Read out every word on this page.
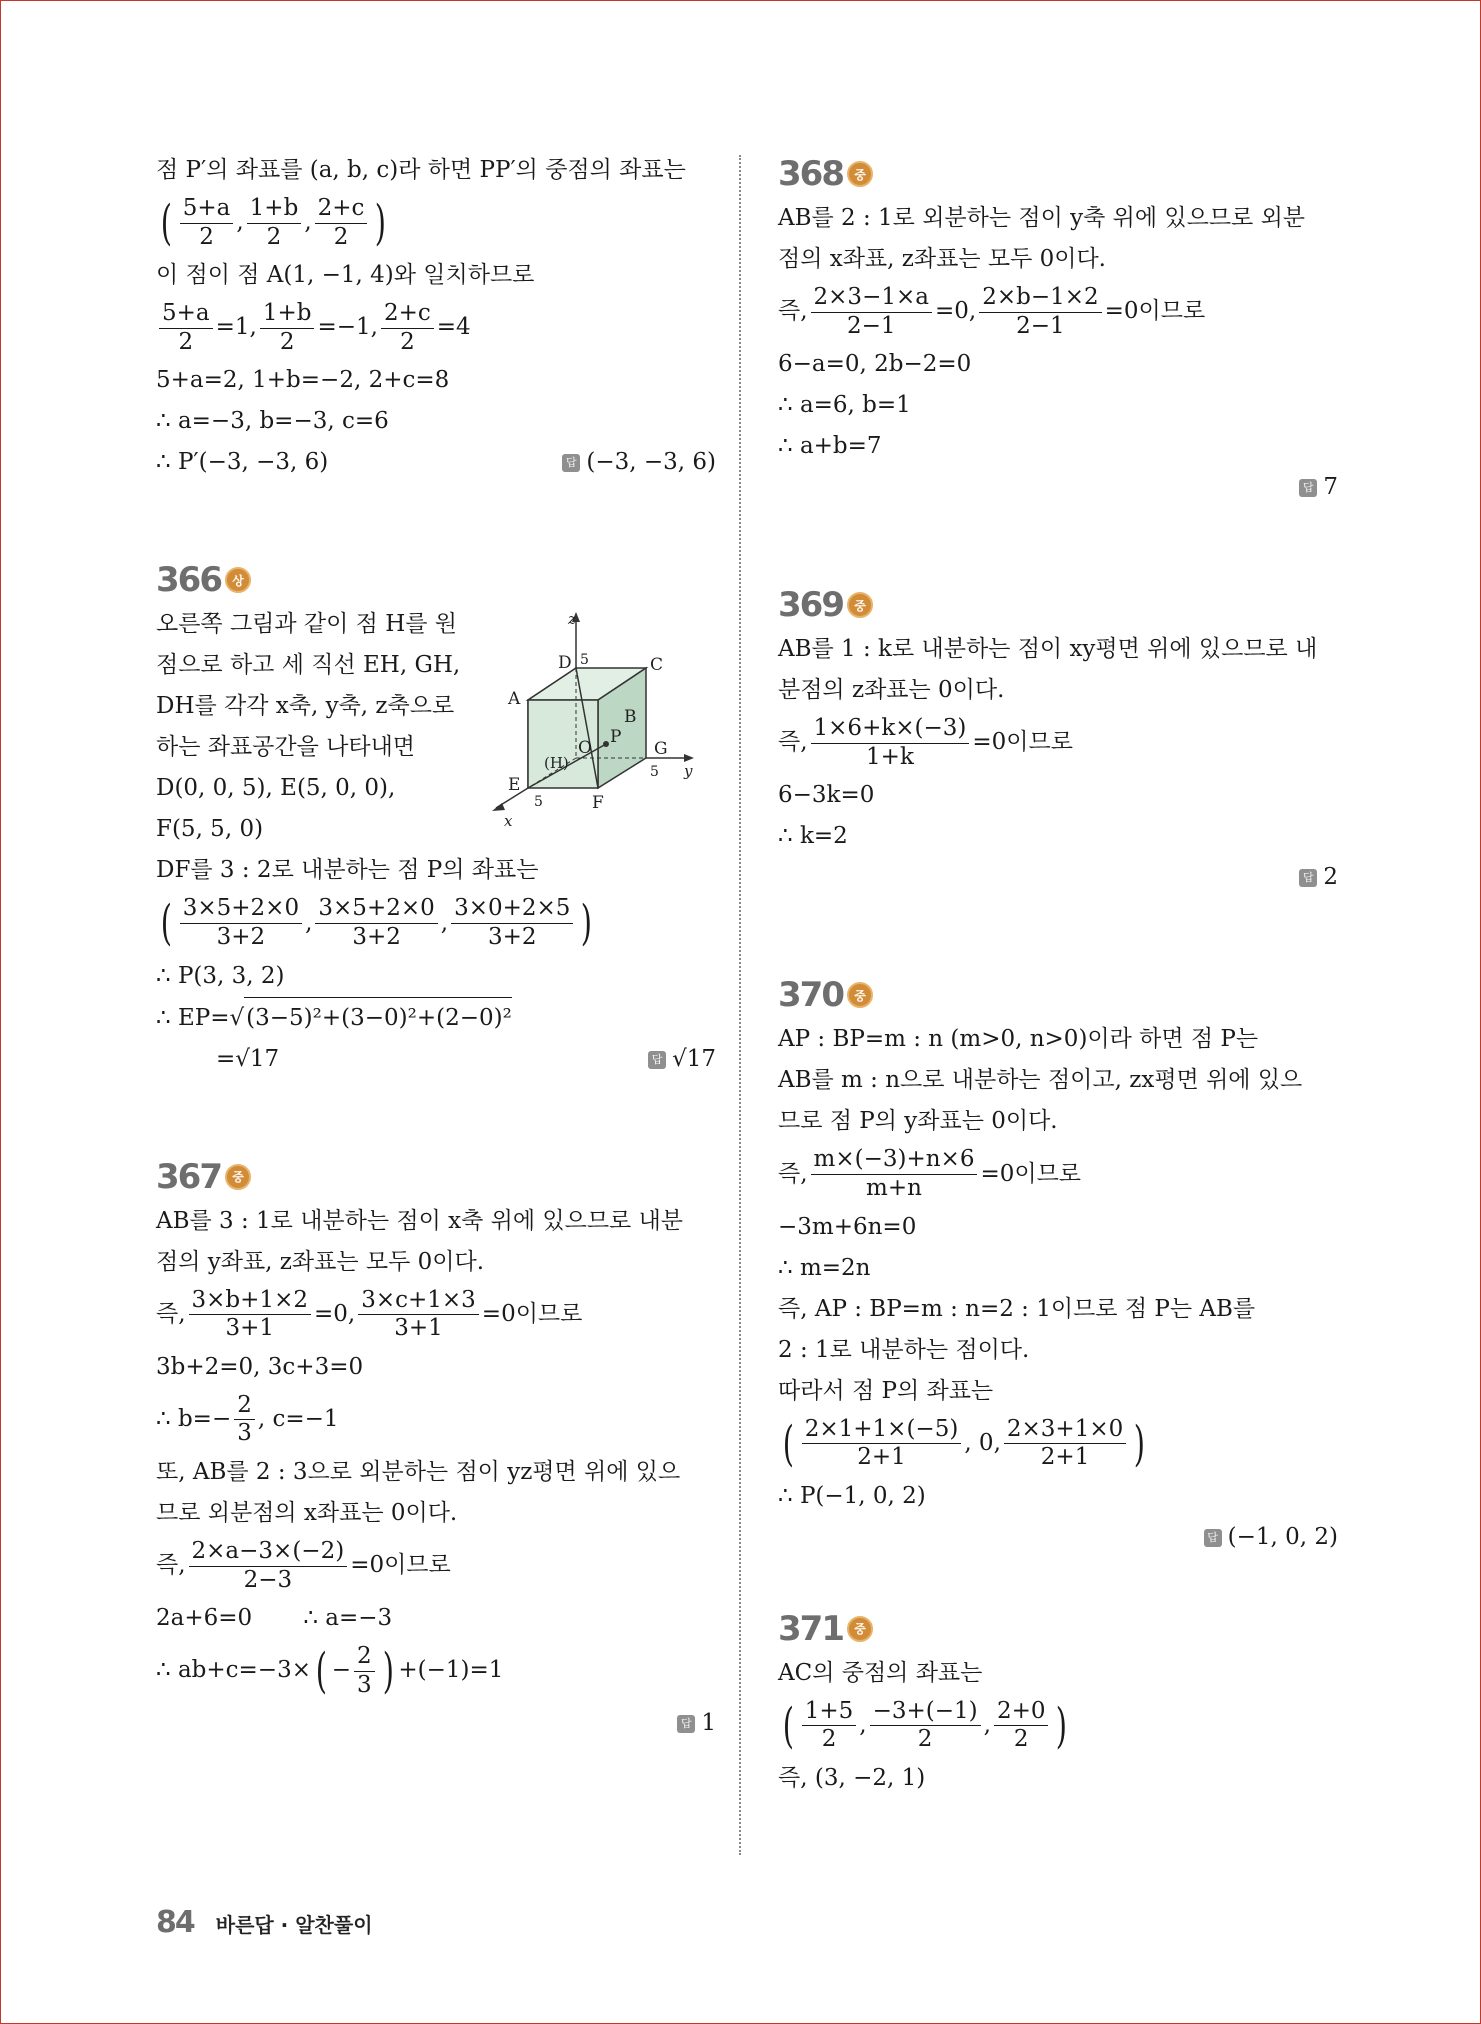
점 P′의 좌표를 (a, b, c)라 하면 PP′의 중점의 좌표는
( $\frac{5+a}{2}$ , $\frac{1+b}{2}$ , $\frac{2+c}{2}$ )
이 점이 점 A(1, −1, 4)와 일치하므로
$\frac{5+a}{2} =1$, $\frac{1+b}{2} =-1$, $\frac{2+c}{2} =4$
5+a=2, 1+b=−2, 2+c=8
∴ a=−3, b=−3, c=6
∴ P′(−3, −3, 6)	답 (−3, −3, 6)
366 상
오른쪽 그림과 같이 점 H를 원점으로 하고 세 직선 EH, GH, DH를 각각 x축, y축, z축으로 하는 좌표공간을 나타내면
z
D 5	C
A
B
O
P
(H)
G
5 y
E
5	F
x
D(0, 0, 5), E(5, 0, 0),
F(5, 5, 0)
DF를 3 : 2로 내분하는 점 P의 좌표는
( $\frac{3\times 5+2\times 0}{3+2}$ , $\frac{3\times 5+2\times 0}{3+2}$ , $\frac{3\times 0+2\times 5}{3+2}$ )
∴ P(3, 3, 2)
∴ EP=√(3−5)²+(3−0)²+(2−0)²
=√17	답 √17
367 중
AB를 3 : 1로 내분하는 점이 x축 위에 있으므로 내분
점의 y좌표, z좌표는 모두 0이다.
즉, $\frac{3\times b+1\times 2}{3+1} =0$, $\frac{3\times c+1\times 3}{3+1} =0$이므로
3b+2=0, 3c+3=0
∴ $b=- \frac{2}{3}$ , c=−1
또, AB를 2 : 3으로 외분하는 점이 yz평면 위에 있으
므로 외분점의 x좌표는 0이다.
즉, $\frac{2\times a-3\times(-2)}{2-3} =0$이므로
2a+6=0       ∴ a=−3
∴ ab+c=−3× ( − $\frac{2}{3}$ ) +(−1)=1
답 1
368 중
AB를 2 : 1로 외분하는 점이 y축 위에 있으므로 외분
점의 x좌표, z좌표는 모두 0이다.
즉, $\frac{2\times 3-1\times a}{2-1} =0$, $\frac{2\times b-1\times 2}{2-1} =0$이므로
6−a=0, 2b−2=0
∴ a=6, b=1
∴ a+b=7
답 7
369 중
AB를 1 : k로 내분하는 점이 xy평면 위에 있으므로 내
분점의 z좌표는 0이다.
즉, $\frac{1\times 6+k\times(-3)}{1+k} =0$이므로
6−3k=0
∴ k=2
답 2
370 중
AP : BP=m : n (m>0, n>0)이라 하면 점 P는
AB를 m : n으로 내분하는 점이고, zx평면 위에 있으
므로 점 P의 y좌표는 0이다.
즉, $\frac{m\times(-3)+n\times 6}{m+n} =0$이므로
−3m+6n=0
∴ m=2n
즉, AP : BP=m : n=2 : 1이므로 점 P는 AB를
2 : 1로 내분하는 점이다.
따라서 점 P의 좌표는
( $\frac{2\times 1+1\times(-5)}{2+1}$ , 0, $\frac{2\times 3+1\times 0}{2+1}$ )
∴ P(−1, 0, 2)
답 (−1, 0, 2)
371 중
AC의 중점의 좌표는
( $\frac{1+5}{2}$ , $\frac{-3+(-1)}{2}$ , $\frac{2+0}{2}$ )
즉, (3, −2, 1)
84 바른답 · 알찬풀이
